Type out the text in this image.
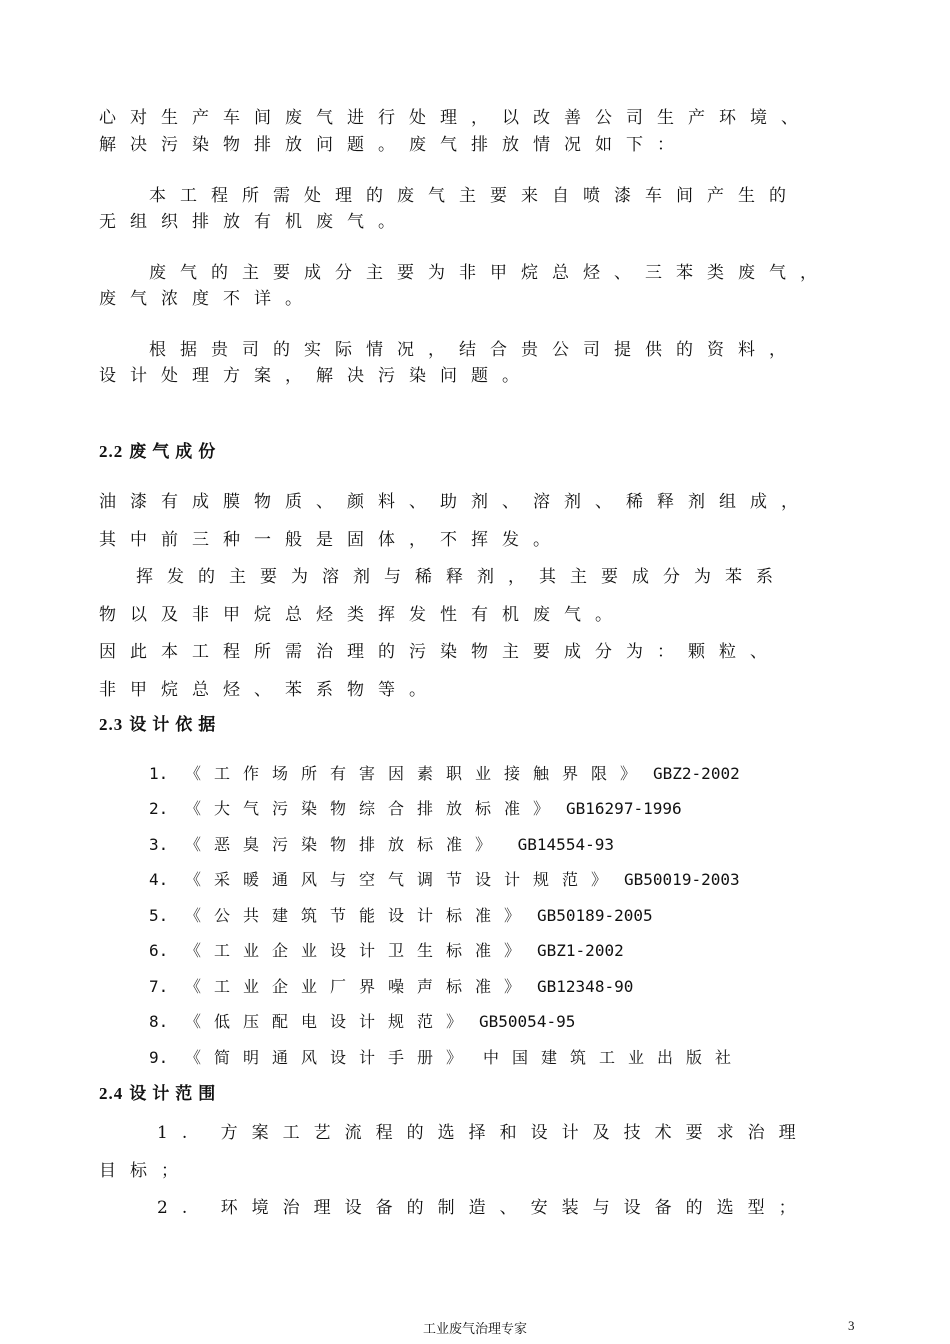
心对生产车间废气进行处理，以改善公司生产环境、
解决污染物排放问题。废气排放情况如下：
本工程所需处理的废气主要来自喷漆车间产生的
无组织排放有机废气。
废气的主要成分主要为非甲烷总烃、三苯类废气，
废气浓度不详。
根据贵司的实际情况，结合贵公司提供的资料，
设计处理方案，解决污染问题。
2.2 废气成份
油漆有成膜物质、颜料、助剂、溶剂、稀释剂组成，
其中前三种一般是固体，不挥发。
挥发的主要为溶剂与稀释剂，其主要成分为苯系
物以及非甲烷总烃类挥发性有机废气。
因此本工程所需治理的污染物主要成分为：颗粒、
非甲烷总烃、苯系物等。
2.3 设计依据
1. 《工作场所有害因素职业接触界限》 GBZ2-2002
2. 《大气污染物综合排放标准》 GB16297-1996
3. 《恶臭污染物排放标准》 GB14554-93
4. 《采暖通风与空气调节设计规范》 GB50019-2003
5. 《公共建筑节能设计标准》 GB50189-2005
6. 《工业企业设计卫生标准》 GBZ1-2002
7. 《工业企业厂界噪声标准》 GB12348-90
8. 《低压配电设计规范》 GB50054-95
9. 《简明通风设计手册》 中国建筑工业出版社
2.4 设计范围
1. 方案工艺流程的选择和设计及技术要求治理
目标；
2. 环境治理设备的制造、安装与设备的选型；
工业废气治理专家	3
